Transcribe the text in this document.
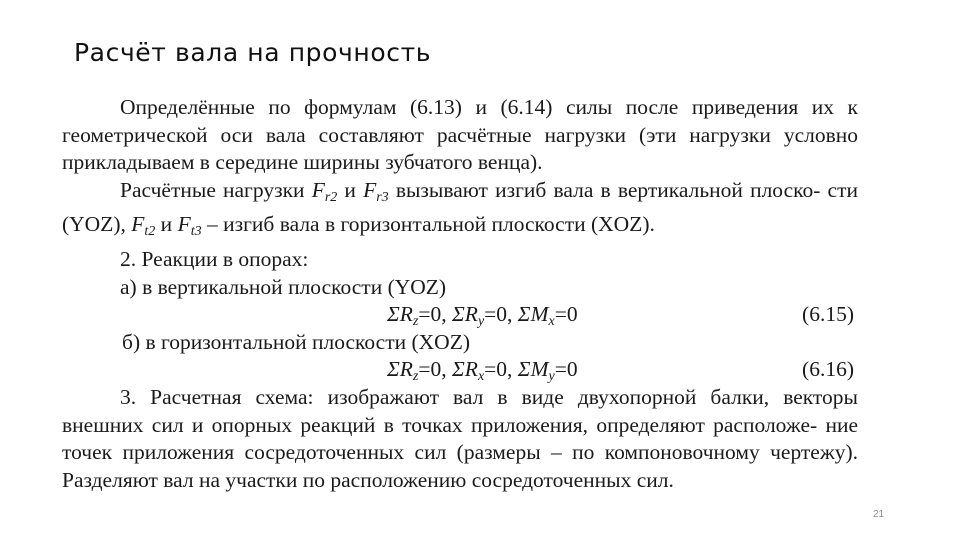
Расчёт вала на прочность

Определённые по формулам (6.13) и (6.14) силы после приведения их к геометрической оси вала составляют расчётные нагрузки (эти нагрузки условно прикладываем в середине ширины зубчатого венца).

Расчётные нагрузки $F_{r2}$ и $F_{r3}$ вызывают изгиб вала в вертикальной плоско- сти (YOZ), $F_{t2}$ и $F_{t3}$ – изгиб вала в горизонтальной плоскости (XOZ).

2. Реакции в опорах:

а) в вертикальной плоскости (YOZ)

$\Sigma R_z=0$, $\Sigma R_y=0$, $\Sigma M_x=0$	(6.15)

б) в горизонтальной плоскости (XOZ)

$\Sigma R_z=0$, $\Sigma R_x=0$, $\Sigma M_y=0$	(6.16)

3. Расчетная схема: изображают вал в виде двухопорной балки, векторы внешних сил и опорных реакций в точках приложения, определяют расположе- ние точек приложения сосредоточенных сил (размеры – по компоновочному чертежу). Разделяют вал на участки по расположению сосредоточенных сил.

21
